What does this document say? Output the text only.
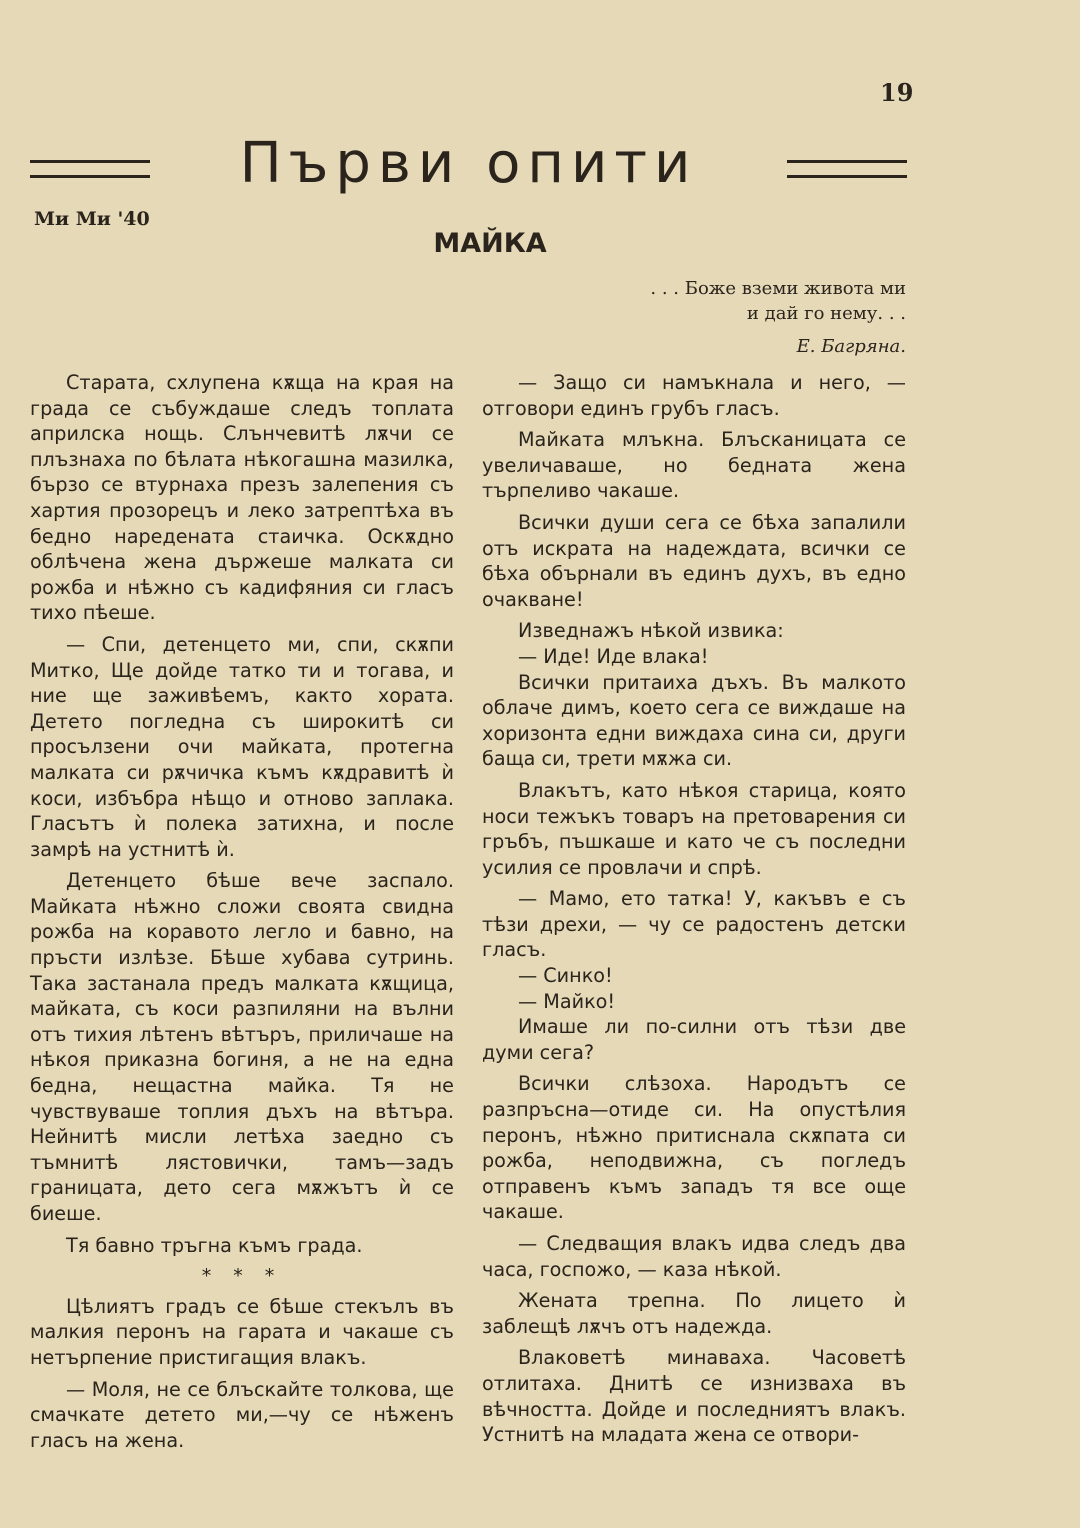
19
Първи опити
Ми Ми '40
МАЙКА
. . . Боже вземи живота ми
и дай го нему. . .
Е. Багряна.

Старата, схлупена кѫща на края на града се събуждаше следъ топлата априлска нощь. Слънчевитѣ лѫчи се плъзнаха по бѣлата нѣкогашна мазилка, бързо се втурнаха презъ залепения съ хартия прозорецъ и леко затрептѣха въ бедно наредената стаичка. Оскѫдно облѣчена жена държеше малката си рожба и нѣжно съ кадифяния си гласъ тихо пѣеше.

— Спи, детенцето ми, спи, скѫпи Митко, Ще дойде татко ти и тогава, и ние ще заживѣемъ, както хората. Детето погледна съ широкитѣ си просълзени очи майката, протегна малката си рѫчичка къмъ кѫдравитѣ ѝ коси, избъбра нѣщо и отново заплака. Гласътъ ѝ полека затихна, и после замрѣ на устнитѣ ѝ.

Детенцето бѣше вече заспало. Майката нѣжно сложи своята свидна рожба на коравото легло и бавно, на пръсти излѣзе. Бѣше хубава сутринь. Така застанала предъ малката кѫщица, майката, съ коси разпиляни на вълни отъ тихия лѣтенъ вѣтъръ, приличаше на нѣкоя приказна богиня, а не на една бедна, нещастна майка. Тя не чувствуваше топлия дъхъ на вѣтъра. Нейнитѣ мисли летѣха заедно съ тъмнитѣ лястовички, тамъ—задъ границата, дето сега мѫжътъ ѝ се биеше.

Тя бавно тръгна къмъ града.

* * *

Цѣлиятъ градъ се бѣше стекълъ въ малкия перонъ на гарата и чакаше съ нетърпение пристигащия влакъ.

— Моля, не се блъскайте толкова, ще смачкате детето ми,—чу се нѣженъ гласъ на жена.

— Защо си намъкнала и него, — отговори единъ грубъ гласъ.

Майката млъкна. Блъсканицата се увеличаваше, но бедната жена търпеливо чакаше.

Всички души сега се бѣха запалили отъ искрата на надеждата, всички се бѣха обърнали въ единъ духъ, въ едно очакване!

Изведнажъ нѣкой извика:

— Иде! Иде влака!

Всички притаиха дъхъ. Въ малкото облаче димъ, което сега се виждаше на хоризонта едни виждаха сина си, други баща си, трети мѫжа си.

Влакътъ, като нѣкоя старица, която носи тежъкъ товаръ на претоварения си гръбъ, пъшкаше и като че съ последни усилия се провлачи и спрѣ.

— Мамо, ето татка! У, какъвъ е съ тѣзи дрехи, — чу се радостенъ детски гласъ.

— Синко!

— Майко!

Имаше ли по-силни отъ тѣзи две думи сега?

Всички слѣзоха. Народътъ се разпръсна—отиде си. На опустѣлия перонъ, нѣжно притиснала скѫпата си рожба, неподвижна, съ погледъ отправенъ къмъ западъ тя все още чакаше.

— Следващия влакъ идва следъ два часа, госпожо, — каза нѣкой.

Жената трепна. По лицето ѝ заблещѣ лѫчъ отъ надежда.

Влаковетѣ минаваха. Часоветѣ отлитаха. Днитѣ се изнизваха въ вѣчността. Дойде и последниятъ влакъ. Устнитѣ на младата жена се отвори-
